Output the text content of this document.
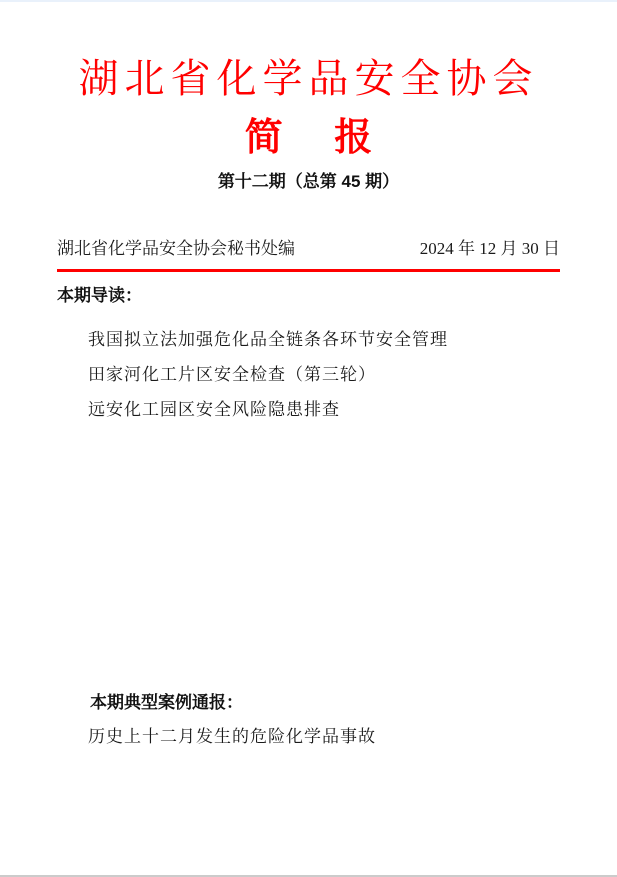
湖北省化学品安全协会
简 报
第十二期（总第 45 期）
湖北省化学品安全协会秘书处编	2024 年 12 月 30 日
本期导读：
我国拟立法加强危化品全链条各环节安全管理
田家河化工片区安全检查（第三轮）
远安化工园区安全风险隐患排查
本期典型案例通报：
历史上十二月发生的危险化学品事故
